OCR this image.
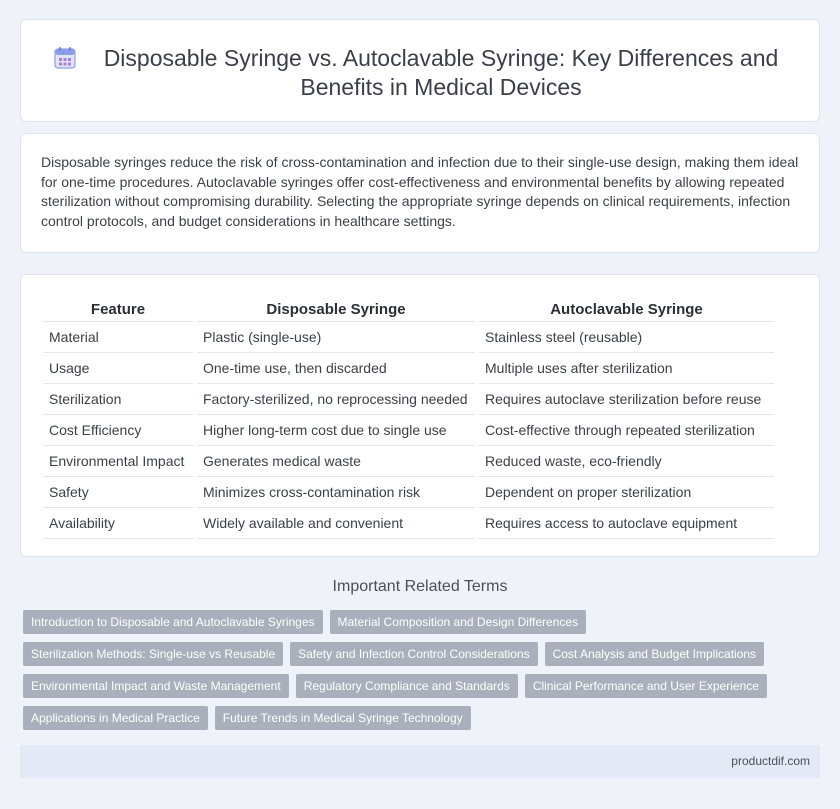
Disposable Syringe vs. Autoclavable Syringe: Key Differences and Benefits in Medical Devices

Disposable syringes reduce the risk of cross-contamination and infection due to their single-use design, making them ideal for one-time procedures. Autoclavable syringes offer cost-effectiveness and environmental benefits by allowing repeated sterilization without compromising durability. Selecting the appropriate syringe depends on clinical requirements, infection control protocols, and budget considerations in healthcare settings.

Feature		Disposable Syringe		Autoclavable Syringe
Material		Plastic (single-use)		Stainless steel (reusable)
Usage		One-time use, then discarded		Multiple uses after sterilization
Sterilization		Factory-sterilized, no reprocessing needed		Requires autoclave sterilization before reuse
Cost Efficiency		Higher long-term cost due to single use		Cost-effective through repeated sterilization
Environmental Impact		Generates medical waste		Reduced waste, eco-friendly
Safety		Minimizes cross-contamination risk		Dependent on proper sterilization
Availability		Widely available and convenient		Requires access to autoclave equipment
Important Related Terms
Introduction to Disposable and Autoclavable Syringes	Material Composition and Design Differences
Sterilization Methods: Single-use vs Reusable	Safety and Infection Control Considerations	Cost Analysis and Budget Implications
Environmental Impact and Waste Management	Regulatory Compliance and Standards	Clinical Performance and User Experience
Applications in Medical Practice	Future Trends in Medical Syringe Technology
productdif.com
